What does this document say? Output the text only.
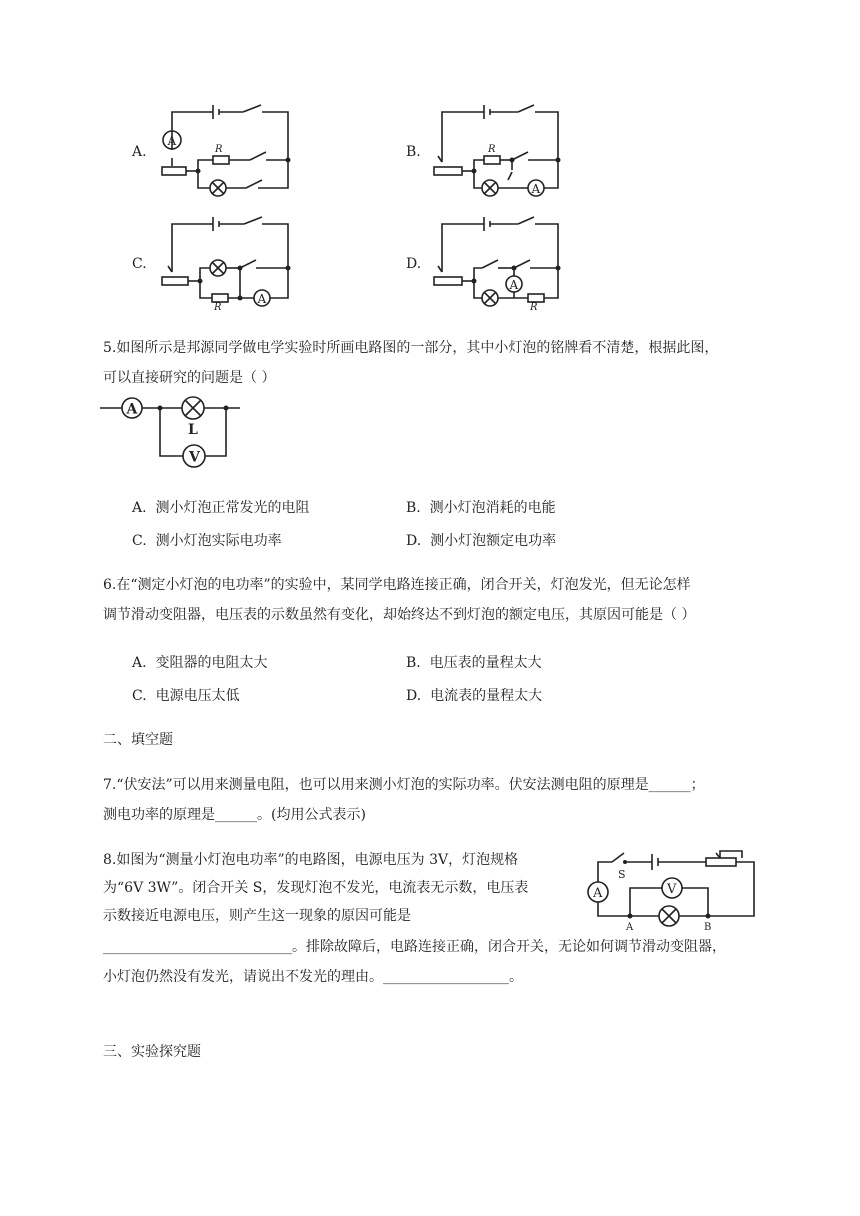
A.
A
R	B.	R
A
C.
R
A
D.
A
R
5.如图所示是邦源同学做电学实验时所画电路图的一部分，其中小灯泡的铭牌看不清楚，根据此图，
可以直接研究的问题是（ ）
A
L
V
A. 测小灯泡正常发光的电阻	B. 测小灯泡消耗的电能
C. 测小灯泡实际电功率	D. 测小灯泡额定电功率
6.在“测定小灯泡的电功率”的实验中，某同学电路连接正确，闭合开关，灯泡发光，但无论怎样
调节滑动变阻器，电压表的示数虽然有变化，却始终达不到灯泡的额定电压，其原因可能是（ ）
A. 变阻器的电阻太大	B. 电压表的量程太大
C. 电源电压太低	D. 电流表的量程太大
二、填空题
7.“伏安法”可以用来测量电阻，也可以用来测小灯泡的实际功率。伏安法测电阻的原理是______；
测电功率的原理是______。(均用公式表示)
8.如图为“测量小灯泡电功率”的电路图，电源电压为 3V，灯泡规格
为“6V 3W”。闭合开关 S，发现灯泡不发光，电流表无示数，电压表
示数接近电源电压，则产生这一现象的原因可能是
___________________________。排除故障后，电路连接正确，闭合开关，无论如何调节滑动变阻器，
小灯泡仍然没有发光，请说出不发光的理由。__________________。
S
A	V
A	B
三、实验探究题
